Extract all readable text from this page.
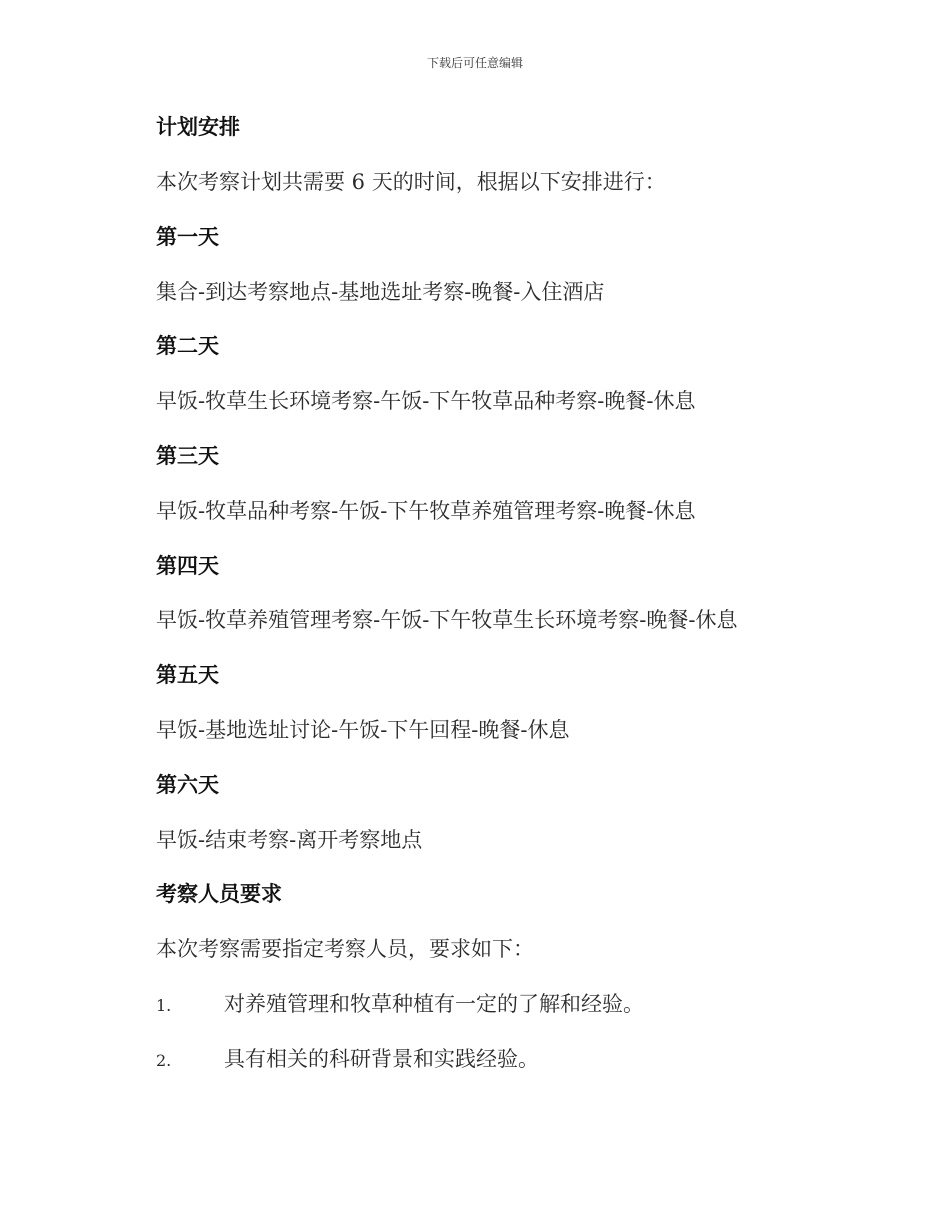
下载后可任意编辑
计划安排
本次考察计划共需要 6 天的时间，根据以下安排进行：
第一天
集合-到达考察地点-基地选址考察-晚餐-入住酒店
第二天
早饭-牧草生长环境考察-午饭-下午牧草品种考察-晚餐-休息
第三天
早饭-牧草品种考察-午饭-下午牧草养殖管理考察-晚餐-休息
第四天
早饭-牧草养殖管理考察-午饭-下午牧草生长环境考察-晚餐-休息
第五天
早饭-基地选址讨论-午饭-下午回程-晚餐-休息
第六天
早饭-结束考察-离开考察地点
考察人员要求
本次考察需要指定考察人员，要求如下：
1.	对养殖管理和牧草种植有一定的了解和经验。
2.	具有相关的科研背景和实践经验。
